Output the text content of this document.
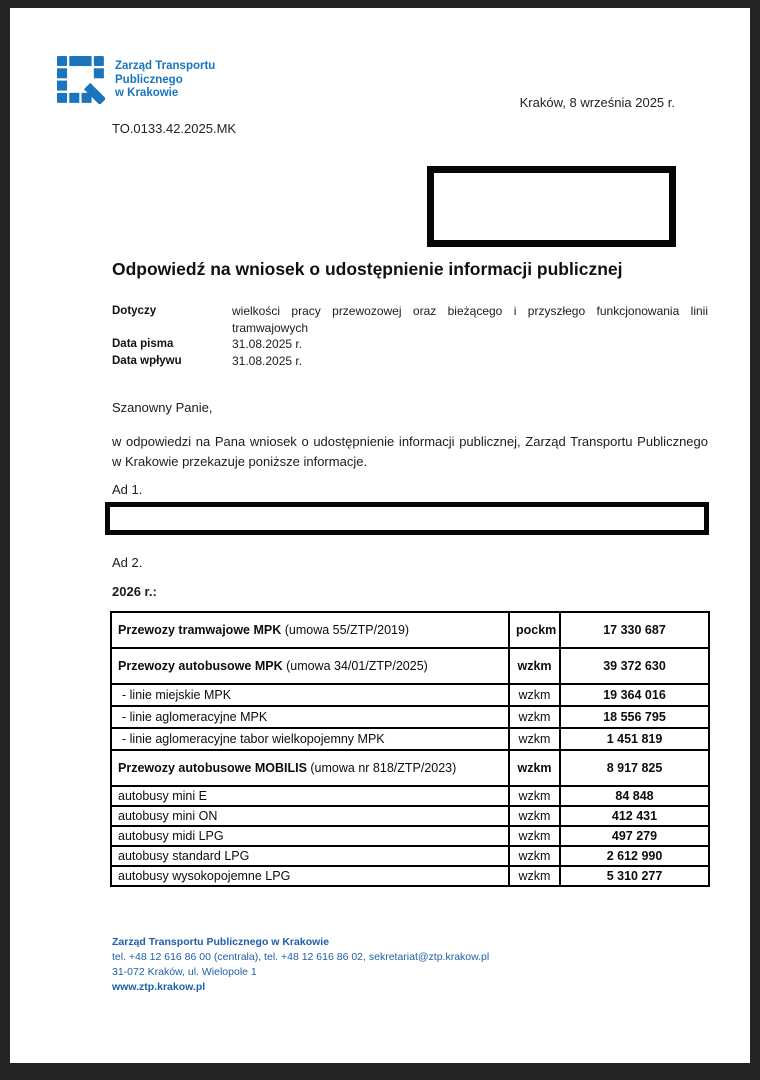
Zarząd Transportu
Publicznego
w Krakowie
Kraków, 8 września 2025 r.
TO.0133.42.2025.MK
Odpowiedź na wniosek o udostępnienie informacji publicznej
Dotyczy	wielkości pracy przewozowej oraz bieżącego i przyszłego funkcjonowania linii tramwajowych
Data pisma	31.08.2025 r.
Data wpływu	31.08.2025 r.
Szanowny Panie,
w odpowiedzi na Pana wniosek o udostępnienie informacji publicznej, Zarząd Transportu Publicznego w Krakowie przekazuje poniższe informacje.
Ad 1.
Ad 2.
2026 r.:
Przewozy tramwajowe MPK (umowa 55/ZTP/2019)	pockm	17 330 687
Przewozy autobusowe MPK (umowa 34/01/ZTP/2025)	wzkm	39 372 630
- linie miejskie MPK	wzkm	19 364 016
- linie aglomeracyjne MPK	wzkm	18 556 795
- linie aglomeracyjne tabor wielkopojemny MPK	wzkm	1 451 819
Przewozy autobusowe MOBILIS (umowa nr 818/ZTP/2023)	wzkm	8 917 825
autobusy mini E	wzkm	84 848
autobusy mini ON	wzkm	412 431
autobusy midi LPG	wzkm	497 279
autobusy standard LPG	wzkm	2 612 990
autobusy wysokopojemne LPG	wzkm	5 310 277
Zarząd Transportu Publicznego w Krakowie
tel. +48 12 616 86 00 (centrala), tel. +48 12 616 86 02, sekretariat@ztp.krakow.pl
31-072 Kraków, ul. Wielopole 1
www.ztp.krakow.pl
